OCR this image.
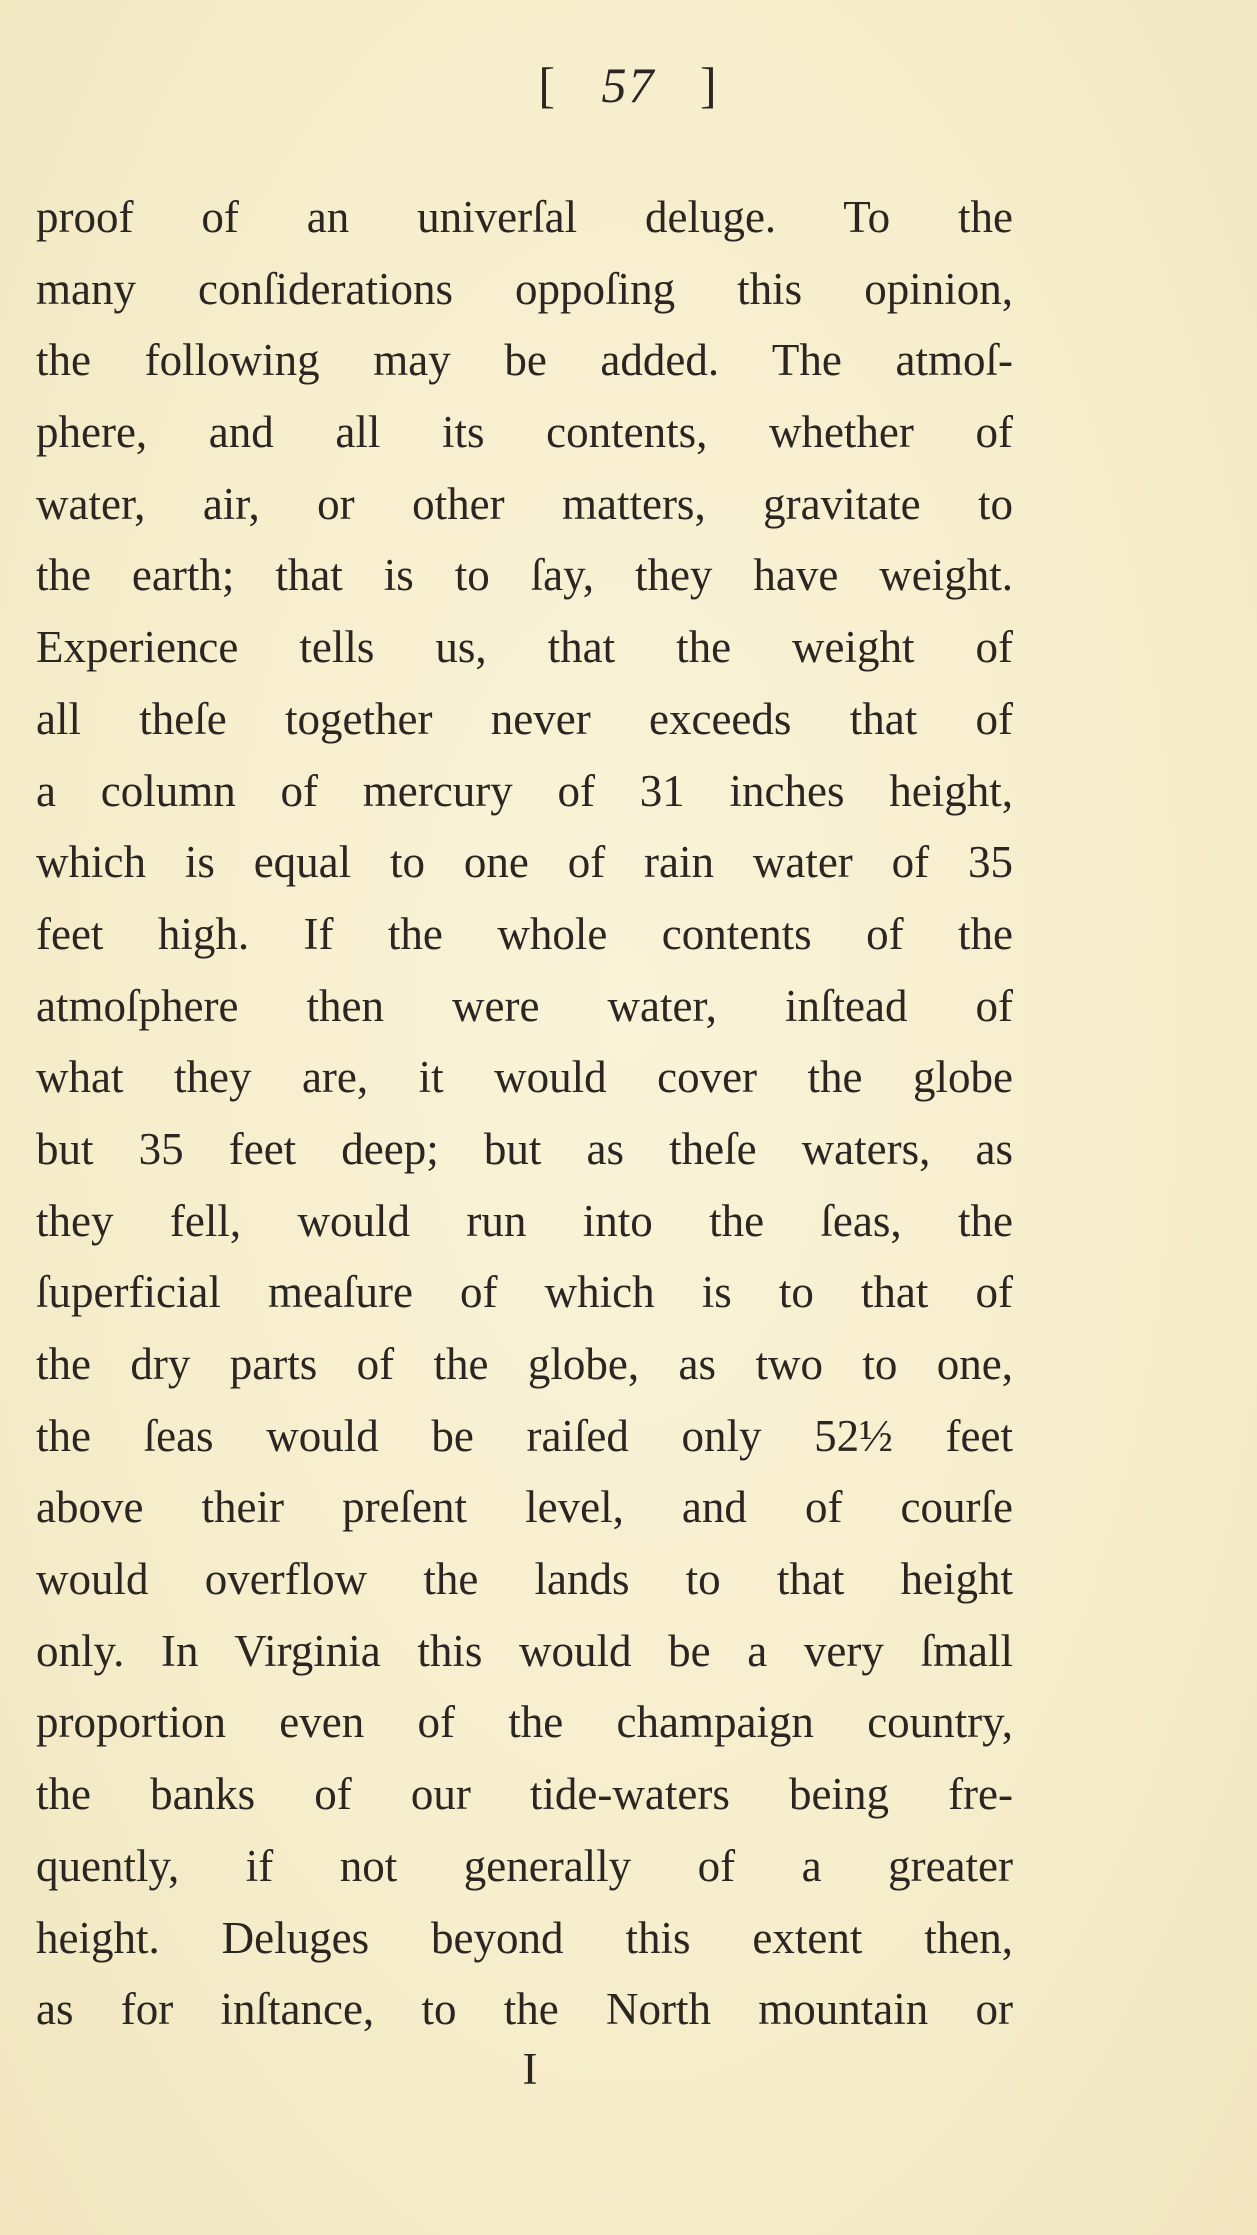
[ 57 ]
proof of an univerſal deluge. To the
many conſiderations oppoſing this opinion,
the following may be added. The atmoſ-
phere, and all its contents, whether of
water, air, or other matters, gravitate to
the earth; that is to ſay, they have weight.
Experience tells us, that the weight of
all theſe together never exceeds that of
a column of mercury of 31 inches height,
which is equal to one of rain water of 35
feet high. If the whole contents of the
atmoſphere then were water, inſtead of
what they are, it would cover the globe
but 35 feet deep; but as theſe waters, as
they fell, would run into the ſeas, the
ſuperficial meaſure of which is to that of
the dry parts of the globe, as two to one,
the ſeas would be raiſed only 52½ feet
above their preſent level, and of courſe
would overflow the lands to that height
only. In Virginia this would be a very ſmall
proportion even of the champaign country,
the banks of our tide-waters being fre-
quently, if not generally of a greater
height. Deluges beyond this extent then,
as for inſtance, to the North mountain or
I
